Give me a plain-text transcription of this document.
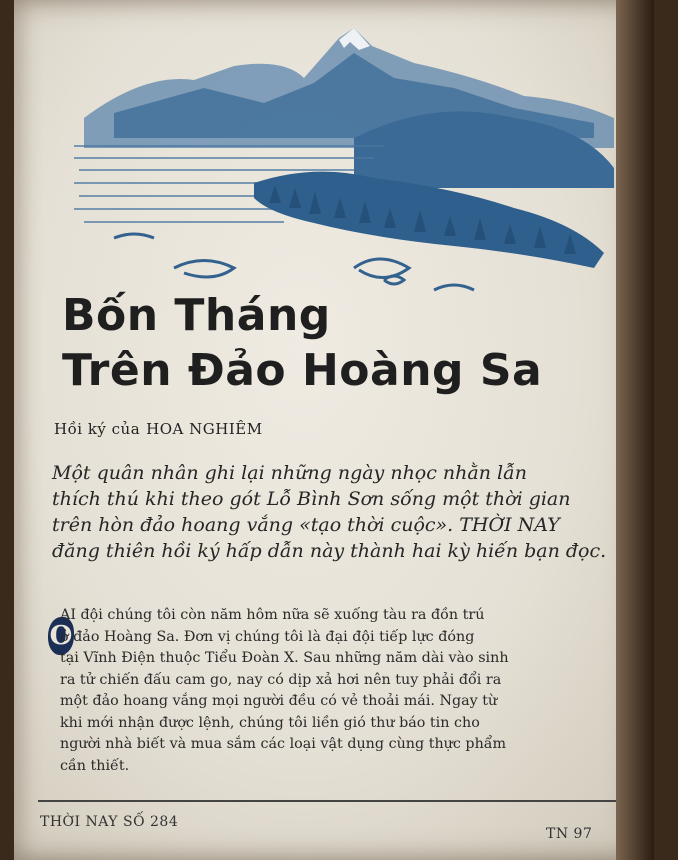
Bốn Tháng
Trên Đảo Hoàng Sa
Hồi ký của HOA NGHIÊM

Một quân nhân ghi lại những ngày nhọc nhằn lẫn
thích thú khi theo gót Lỗ Bình Sơn sống một thời gian
trên hòn đảo hoang vắng «tạo thời cuộc». THỜI NAY
đăng thiên hồi ký hấp dẫn này thành hai kỳ hiến bạn đọc.

O

ẠI đội chúng tôi còn năm hôm nữa sẽ xuống tàu ra đồn trú
ở đảo Hoàng Sa. Đơn vị chúng tôi là đại đội tiếp lực đóng
tại Vĩnh Điện thuộc Tiểu Đoàn X. Sau những năm dài vào sinh
ra tử chiến đấu cam go, nay có dịp xả hơi nên tuy phải đổi ra
một đảo hoang vắng mọi người đều có vẻ thoải mái. Ngay từ
khi mới nhận được lệnh, chúng tôi liền gió thư báo tin cho
người nhà biết và mua sắm các loại vật dụng cùng thực phẩm
cần thiết.

THỜI NAY SỐ 284
TN 97
